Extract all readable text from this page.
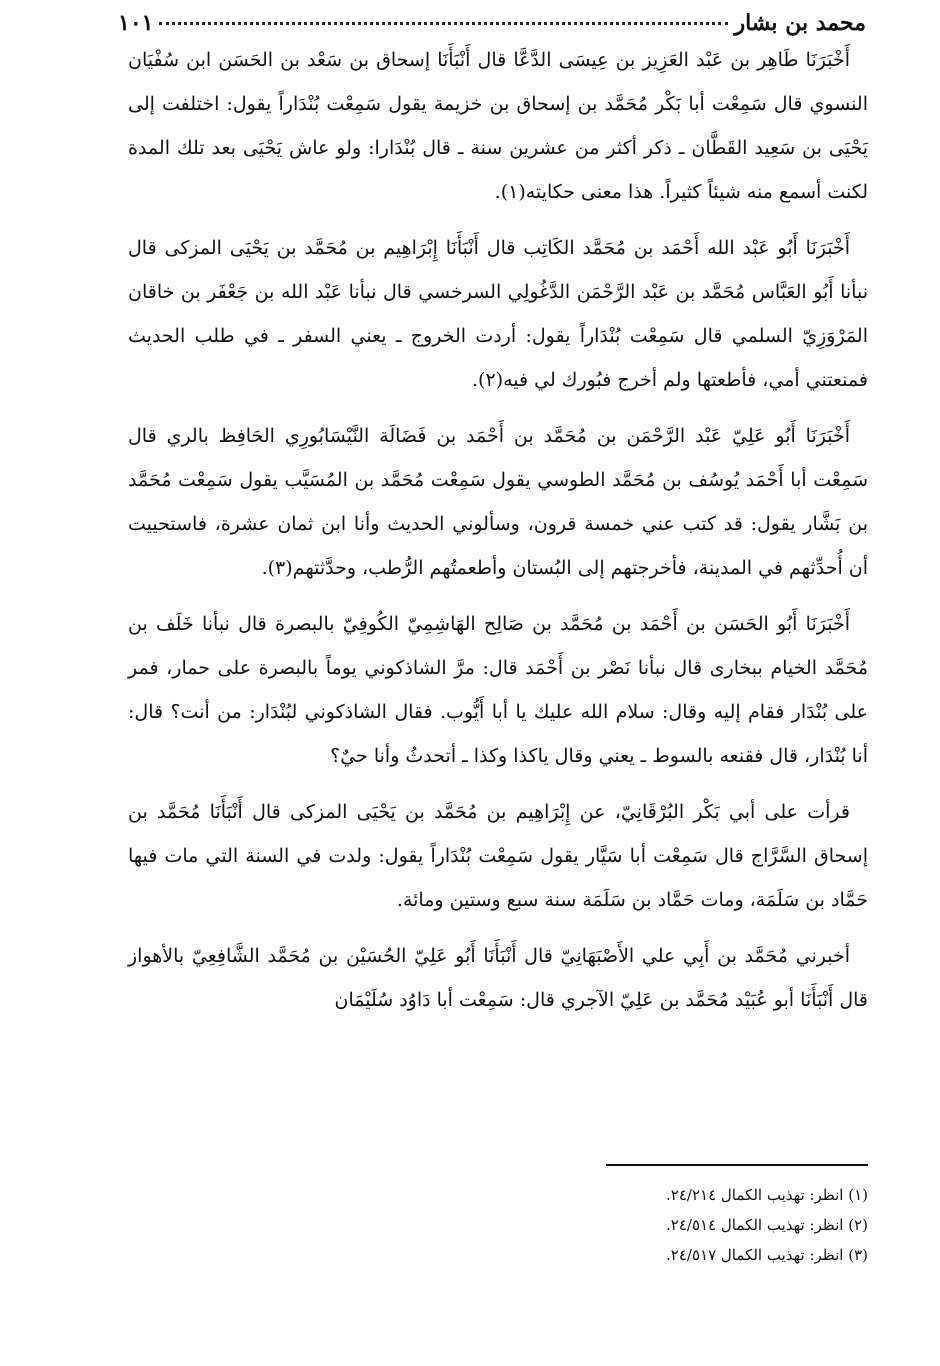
محمد بن بشار
١٠١

أَخْبَرَنَا طَاهِر بن عَبْد العَزِيز بن عِيسَى الدَّعَّا قال أَنْبَأَنَا إسحاق بن سَعْد بن الحَسَن ابن سُفْيَان النسوي قال سَمِعْت أبا بَكْر مُحَمَّد بن إسحاق بن خزيمة يقول سَمِعْت بُنْدَاراً يقول: اختلفت إلى يَحْيَى بن سَعِيد القَطَّان ـ ذكر أكثر من عشرين سنة ـ قال بُنْدَارا: ولو عاش يَحْيَى بعد تلك المدة لكنت أسمع منه شيئاً كثيراً. هذا معنى حكايته(١).

أَخْبَرَنَا أَبُو عَبْد الله أَحْمَد بن مُحَمَّد الكَاتِب قال أَنْبَأَنَا إِبْرَاهِيم بن مُحَمَّد بن يَحْيَى المزكى قال نبأنا أَبُو العَبَّاس مُحَمَّد بن عَبْد الرَّحْمَن الدَّغُولِي السرخسي قال نبأنا عَبْد الله بن جَعْفَر بن خاقان المَرْوَزِيّ السلمي قال سَمِعْت بُنْدَاراً يقول: أردت الخروج ـ يعني السفر ـ في طلب الحديث فمنعتني أمي، فأطعتها ولم أخرج فبُورك لي فيه(٢).

أَخْبَرَنَا أَبُو عَلِيّ عَبْد الرَّحْمَن بن مُحَمَّد بن أَحْمَد بن فَضَالَة النَّيْسَابُورِي الحَافِظ بالري قال سَمِعْت أبا أَحْمَد يُوسُف بن مُحَمَّد الطوسي يقول سَمِعْت مُحَمَّد بن المُسَيَّب يقول سَمِعْت مُحَمَّد بن بَشَّار يقول: قد كتب عني خمسة قرون، وسألوني الحديث وأنا ابن ثمان عشرة، فاستحييت أن أُحدِّثهم في المدينة، فأخرجتهم إلى البُستان وأطعمتُهم الرُّطب، وحدَّثتهم(٣).

أَخْبَرَنَا أَبُو الحَسَن بن أَحْمَد بن مُحَمَّد بن صَالِح الهَاشِمِيّ الكُوفِيّ بالبصرة قال نبأنا خَلَف بن مُحَمَّد الخيام ببخارى قال نبأنا نَصْر بن أَحْمَد قال: مرَّ الشاذكوني يوماً بالبصرة على حمار، فمر على بُنْدَار فقام إليه وقال: سلام الله عليك يا أبا أَيُّوب. فقال الشاذكوني لبُنْدَار: من أنت؟ قال: أنا بُنْدَار، قال فقنعه بالسوط ـ يعني وقال ياكذا وكذا ـ أتحدثُ وأنا حيٌ؟

قرأت على أبي بَكْر البُرْقَانِيّ، عن إِبْرَاهِيم بن مُحَمَّد بن يَحْيَى المزكى قال أَنْبَأَنَا مُحَمَّد بن إسحاق السَّرَّاج قال سَمِعْت أبا سَيَّار يقول سَمِعْت بُنْدَاراً يقول: ولدت في السنة التي مات فيها حَمَّاد بن سَلَمَة، ومات حَمَّاد بن سَلَمَة سنة سبع وستين ومائة.

أخبرني مُحَمَّد بن أَبِي علي الأَصْبَهَانِيّ قال أَنْبَأَنَا أَبُو عَلِيّ الحُسَيْن بن مُحَمَّد الشَّافِعِيّ بالأهواز قال أَنْبَأَنَا أبو عُبَيْد مُحَمَّد بن عَلِيّ الآجري قال: سَمِعْت أبا دَاوُد سُلَيْمَان

(١) انظر: تهذيب الكمال ٢٤/٢١٤.
(٢) انظر: تهذيب الكمال ٢٤/٥١٤.
(٣) انظر: تهذيب الكمال ٢٤/٥١٧.
